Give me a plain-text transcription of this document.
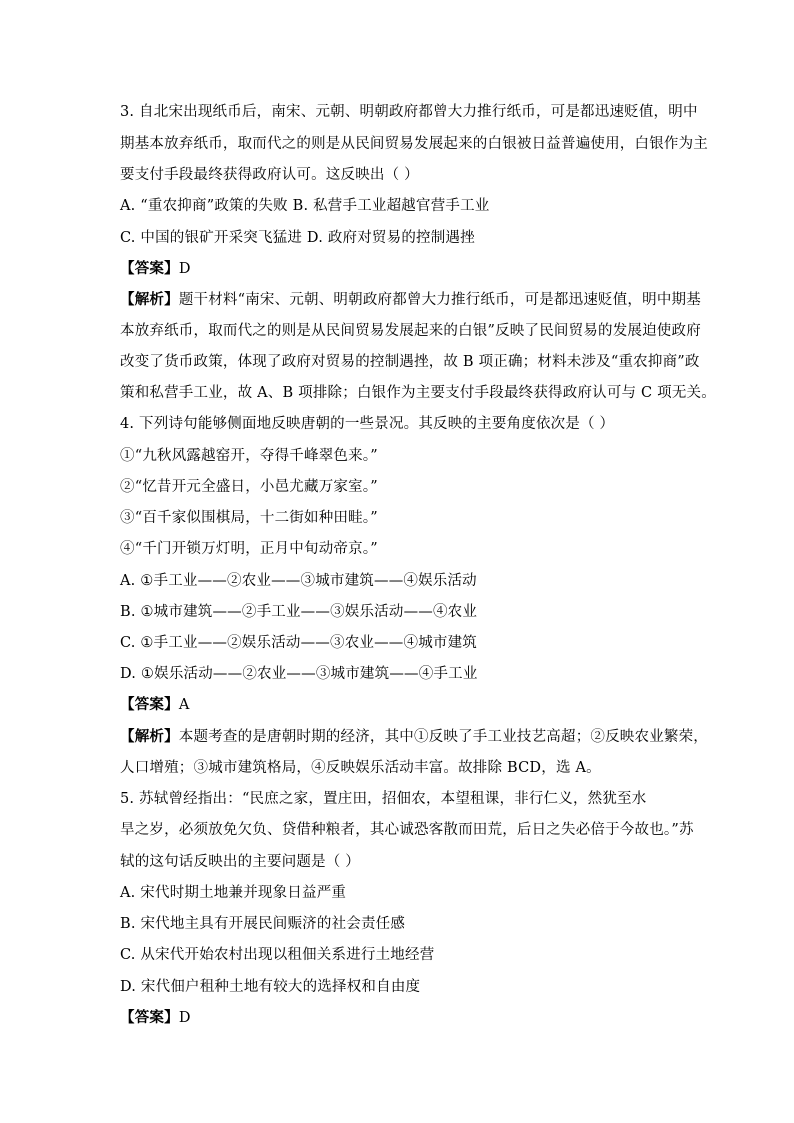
3. 自北宋出现纸币后，南宋、元朝、明朝政府都曾大力推行纸币，可是都迅速贬值，明中
期基本放弃纸币，取而代之的则是从民间贸易发展起来的白银被日益普遍使用，白银作为主
要支付手段最终获得政府认可。这反映出（ ）
A. “重农抑商”政策的失败 B. 私营手工业超越官营手工业
C. 中国的银矿开采突飞猛进 D. 政府对贸易的控制遇挫
【答案】D
【解析】题干材料“南宋、元朝、明朝政府都曾大力推行纸币，可是都迅速贬值，明中期基
本放弃纸币，取而代之的则是从民间贸易发展起来的白银”反映了民间贸易的发展迫使政府
改变了货币政策，体现了政府对贸易的控制遇挫，故 B 项正确；材料未涉及“重农抑商”政
策和私营手工业，故 A、B 项排除；白银作为主要支付手段最终获得政府认可与 C 项无关。
4. 下列诗句能够侧面地反映唐朝的一些景况。其反映的主要角度依次是（ ）
①“九秋风露越窑开，夺得千峰翠色来。”
②“忆昔开元全盛日，小邑尤藏万家室。”
③“百千家似围棋局，十二街如种田畦。”
④“千门开锁万灯明，正月中旬动帝京。”
A. ①手工业——②农业——③城市建筑——④娱乐活动
B. ①城市建筑——②手工业——③娱乐活动——④农业
C. ①手工业——②娱乐活动——③农业——④城市建筑
D. ①娱乐活动——②农业——③城市建筑——④手工业
【答案】A
【解析】本题考查的是唐朝时期的经济，其中①反映了手工业技艺高超；②反映农业繁荣，
人口增殖；③城市建筑格局，④反映娱乐活动丰富。故排除 BCD，选 A。
5. 苏轼曾经指出：“民庶之家，置庄田，招佃农，本望租课，非行仁义，然犹至水
旱之岁，必须放免欠负、贷借种粮者，其心诚恐客散而田荒，后日之失必倍于今故也。”苏
轼的这句话反映出的主要问题是（ ）
A. 宋代时期土地兼并现象日益严重
B. 宋代地主具有开展民间赈济的社会责任感
C. 从宋代开始农村出现以租佃关系进行土地经营
D. 宋代佃户租种土地有较大的选择权和自由度
【答案】D
